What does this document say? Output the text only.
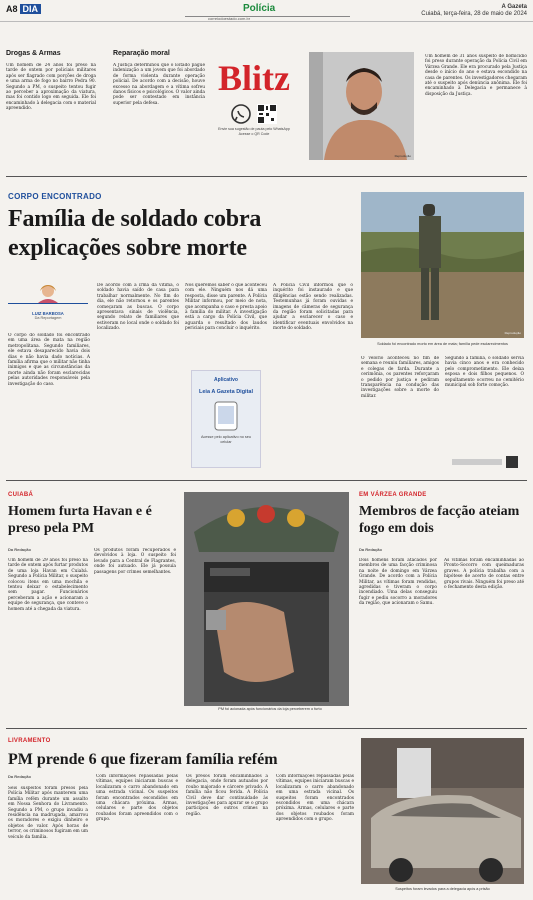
A8 DIA	Polícia
correiodoestado.com.br
A Gazeta
Cuiabá, terça-feira, 28 de maio de 2024
Drogas & Armas
Um homem de 24 anos foi preso na tarde de ontem por policiais militares após ser flagrado com porções de droga e uma arma de fogo no bairro Pedra 90. Segundo a PM, o suspeito tentou fugir ao perceber a aproximação da viatura, mas foi contido logo em seguida. Ele foi encaminhado à delegacia com o material apreendido.
Reparação moral
A Justiça determinou que o Estado pague indenização a um jovem que foi abordado de forma violenta durante operação policial. De acordo com a decisão, houve excesso na abordagem e a vítima sofreu danos físicos e psicológicos. O valor ainda pode ser contestado em instância superior pela defesa.
Blitz
Envie sua sugestão de pauta pelo WhatsApp
Acesse o QR Code
Reprodução
Um homem de 31 anos suspeito de homicídio foi preso durante operação da Polícia Civil em Várzea Grande. Ele era procurado pela Justiça desde o início do ano e estava escondido na casa de parentes. Os investigadores chegaram até o suspeito após denúncia anônima. Ele foi encaminhado à Delegacia e permanece à disposição da Justiça.
CORPO ENCONTRADO
Família de soldado cobra explicações sobre morte
LUIZ BARBOSA
Da Reportagem
O corpo do soldado foi encontrado em uma área de mata na região metropolitana. Segundo familiares, ele estava desaparecido havia dois dias e não havia dado notícias. A família afirma que o militar não tinha inimigos e que as circunstâncias da morte ainda não foram esclarecidas pelas autoridades responsáveis pela investigação do caso.
De acordo com a irmã da vítima, o soldado havia saído de casa para trabalhar normalmente. No fim do dia, ele não retornou e os parentes começaram as buscas. O corpo apresentava sinais de violência, segundo relato de familiares que estiveram no local onde o soldado foi localizado.
Nós queremos saber o que aconteceu com ele. Ninguém nos dá uma resposta, disse um parente. A Polícia Militar informou, por meio de nota, que acompanha o caso e presta apoio à família do militar. A investigação está a cargo da Polícia Civil, que aguarda o resultado dos laudos periciais para concluir o inquérito.
Aplicativo
Leia A Gazeta Digital
Acesse pelo aplicativo no seu celular
A Polícia Civil informou que o inquérito foi instaurado e que diligências estão sendo realizadas. Testemunhas já foram ouvidas e imagens de câmeras de segurança da região foram solicitadas para ajudar a esclarecer o caso e identificar eventuais envolvidos na morte do soldado.
Reprodução
Soldado foi encontrado morto em área de mata; família pede esclarecimentos
O velório aconteceu no fim de semana e reuniu familiares, amigos e colegas de farda. Durante a cerimônia, os parentes reforçaram o pedido por justiça e pediram transparência na condução das investigações sobre a morte do militar.
Segundo a família, o soldado servia havia cinco anos e era conhecido pelo comprometimento. Ele deixa esposa e dois filhos pequenos. O sepultamento ocorreu no cemitério municipal sob forte comoção.
CUIABÁ
Homem furta Havan e é preso pela PM
Da Redação
Um homem de 29 anos foi preso na tarde de ontem após furtar produtos de uma loja Havan em Cuiabá. Segundo a Polícia Militar, o suspeito colocou itens em uma mochila e tentou deixar o estabelecimento sem pagar. Funcionários perceberam a ação e acionaram a equipe de segurança, que conteve o homem até a chegada da viatura.
Os produtos foram recuperados e devolvidos à loja. O suspeito foi levado para a Central de Flagrantes, onde foi autuado. Ele já possuía passagens por crimes semelhantes.
PM foi acionada após funcionários da loja perceberem o furto
EM VÁRZEA GRANDE
Membros de facção ateiam fogo em dois
Da Redação
Dois homens foram atacados por membros de uma facção criminosa na noite de domingo em Várzea Grande. De acordo com a Polícia Militar, as vítimas foram rendidas, agredidas e tiveram o corpo incendiado. Uma delas conseguiu fugir e pediu socorro a moradores da região, que acionaram o Samu.
As vítimas foram encaminhadas ao Pronto-Socorro com queimaduras graves. A polícia trabalha com a hipótese de acerto de contas entre grupos rivais. Ninguém foi preso até o fechamento desta edição.
LIVRAMENTO
PM prende 6 que fizeram família refém
Da Redação
Seis suspeitos foram presos pela Polícia Militar após manterem uma família refém durante um assalto em Nossa Senhora do Livramento. Segundo a PM, o grupo invadiu a residência na madrugada, amarrou os moradores e exigiu dinheiro e objetos de valor. Após horas de terror, os criminosos fugiram em um veículo da família.
Com informações repassadas pelas vítimas, equipes iniciaram buscas e localizaram o carro abandonado em uma estrada vicinal. Os suspeitos foram encontrados escondidos em uma chácara próxima. Armas, celulares e parte dos objetos roubados foram apreendidos com o grupo.
Os presos foram encaminhados à delegacia, onde foram autuados por roubo majorado e cárcere privado. A família não ficou ferida. A Polícia Civil deve dar continuidade às investigações para apurar se o grupo participou de outros crimes na região.
Com informações repassadas pelas vítimas, equipes iniciaram buscas e localizaram o carro abandonado em uma estrada vicinal. Os suspeitos foram encontrados escondidos em uma chácara próxima. Armas, celulares e parte dos objetos roubados foram apreendidos com o grupo.
Suspeitos foram levados para a delegacia após a prisão
